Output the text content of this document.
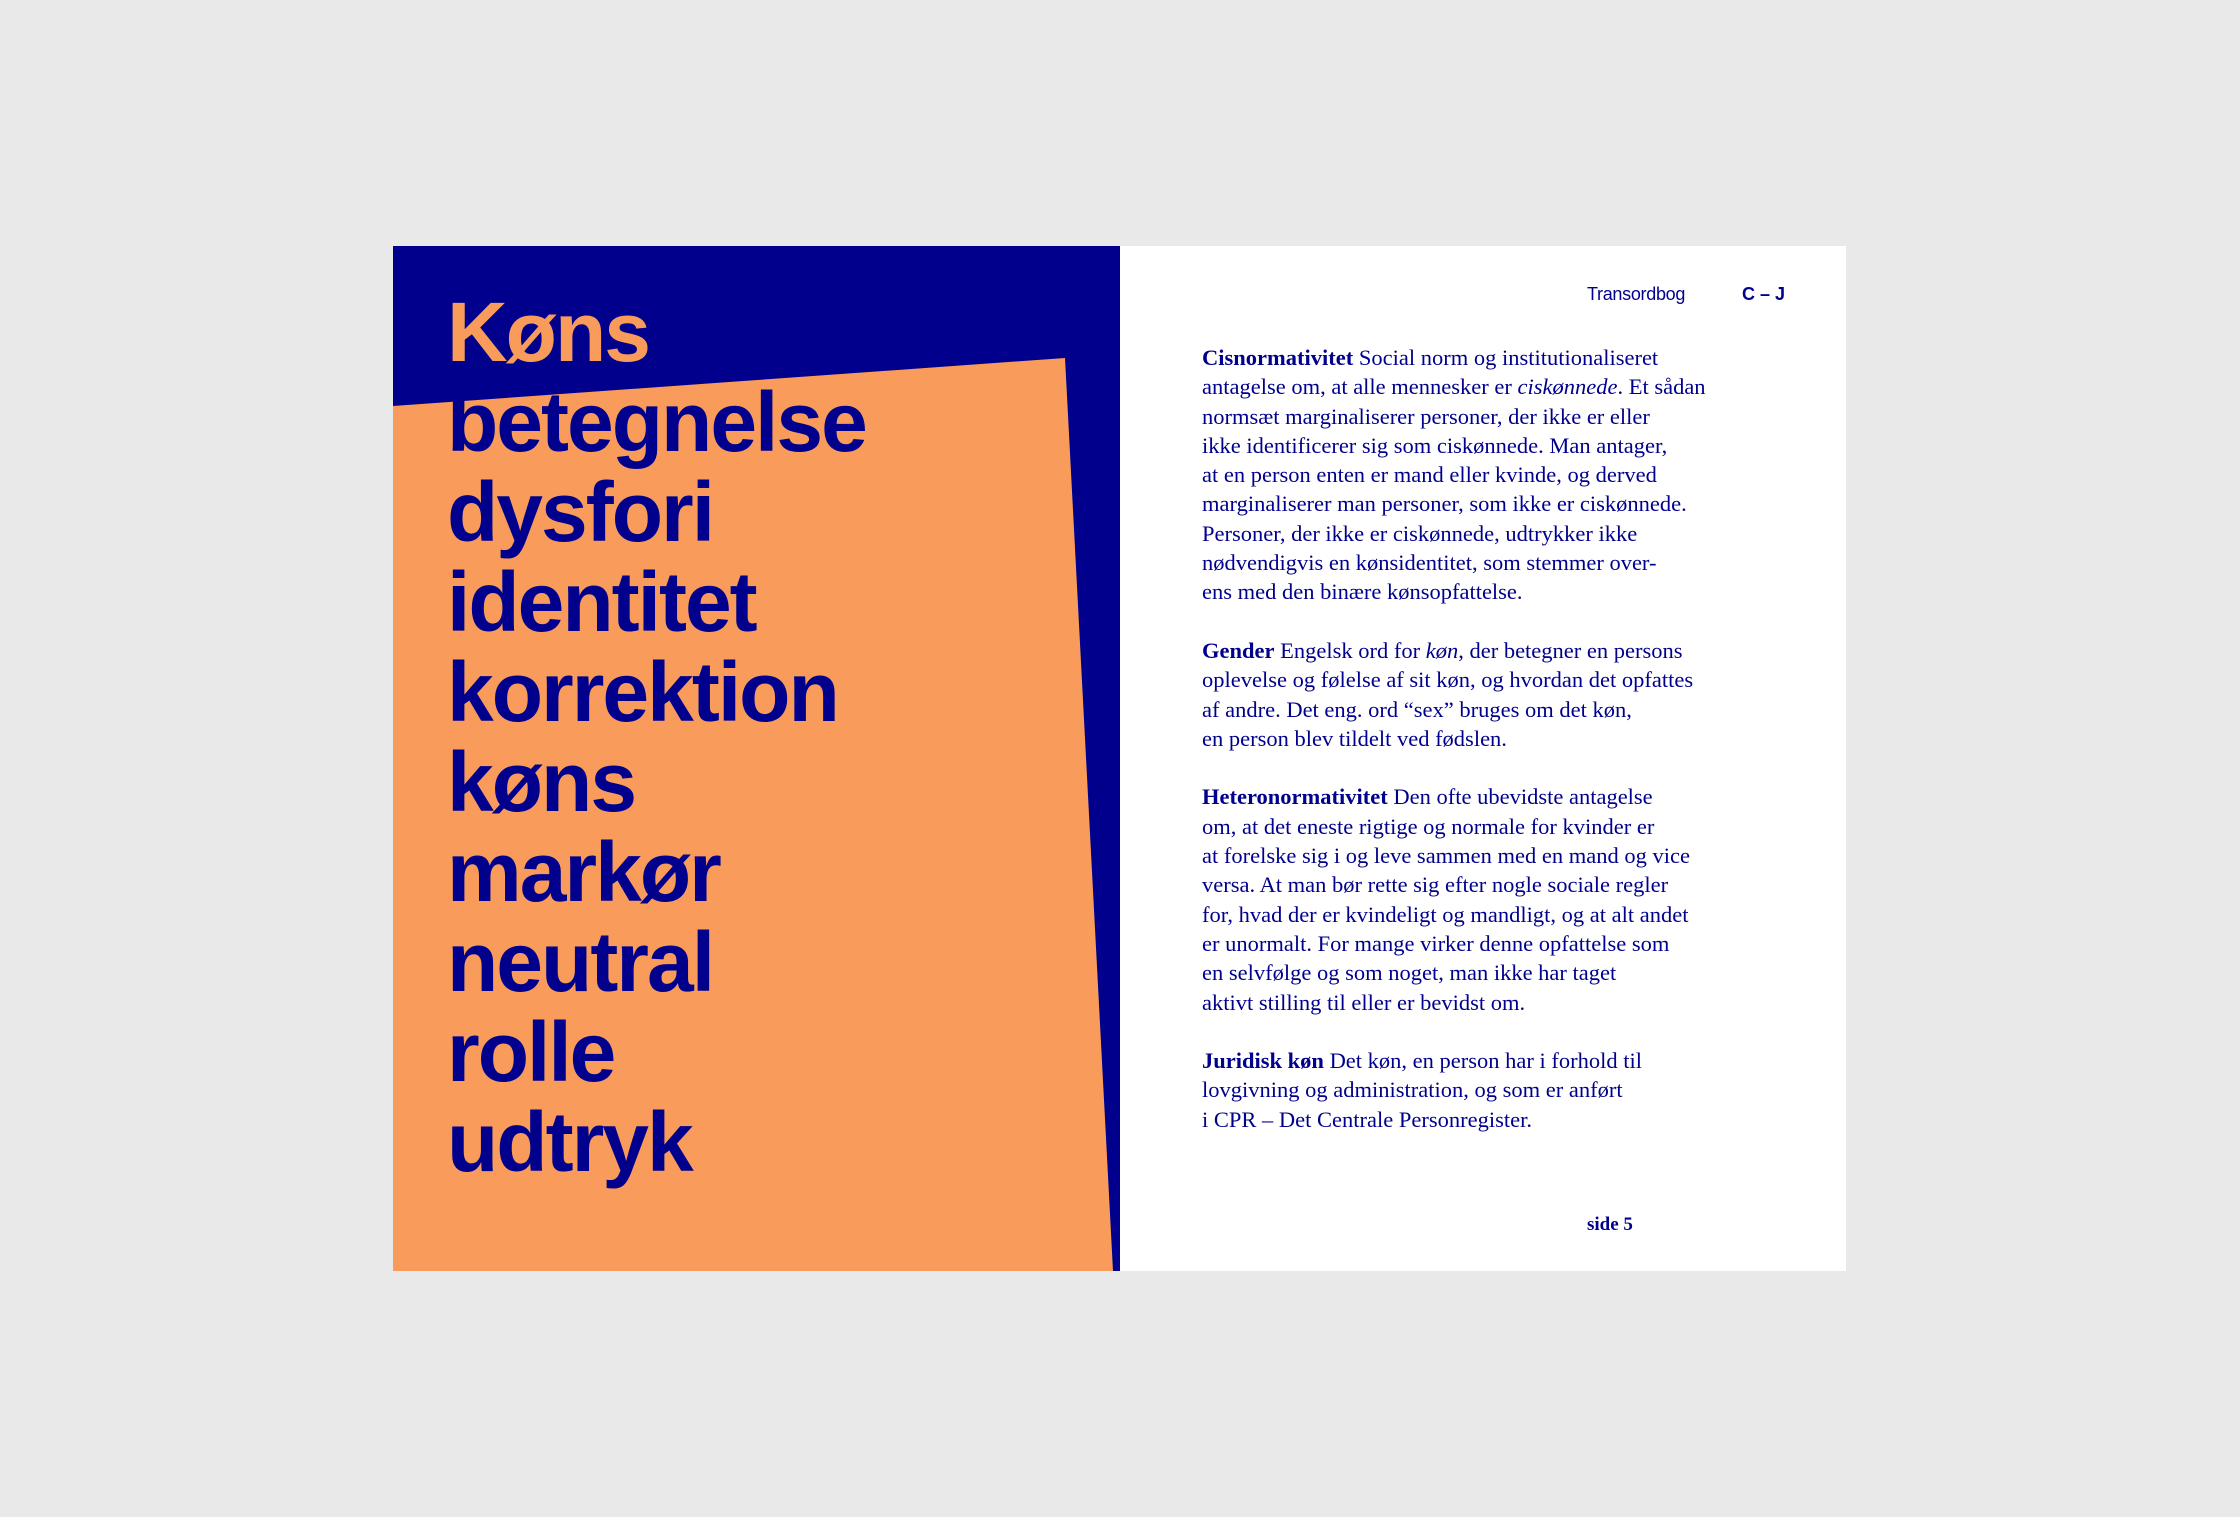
Køns
betegnelse
dysfori
identitet
korrektion
køns
markør
neutral
rolle
udtryk
Transordbog	C – J
Cisnormativitet Social norm og institutionaliseret
antagelse om, at alle mennesker er ciskønnede. Et sådan
normsæt marginaliserer personer, der ikke er eller
ikke identificerer sig som ciskønnede. Man antager,
at en person enten er mand eller kvinde, og derved
marginaliserer man personer, som ikke er ciskønnede.
Personer, der ikke er ciskønnede, udtrykker ikke
nødvendigvis en kønsidentitet, som stemmer over-
ens med den binære kønsopfattelse.
Gender Engelsk ord for køn, der betegner en persons
oplevelse og følelse af sit køn, og hvordan det opfattes
af andre. Det eng. ord “sex” bruges om det køn,
en person blev tildelt ved fødslen.
Heteronormativitet Den ofte ubevidste antagelse
om, at det eneste rigtige og normale for kvinder er
at forelske sig i og leve sammen med en mand og vice
versa. At man bør rette sig efter nogle sociale regler
for, hvad der er kvindeligt og mandligt, og at alt andet
er unormalt. For mange virker denne opfattelse som
en selvfølge og som noget, man ikke har taget
aktivt stilling til eller er bevidst om.
Juridisk køn Det køn, en person har i forhold til
lovgivning og administration, og som er anført
i CPR – Det Centrale Personregister.
side 5
